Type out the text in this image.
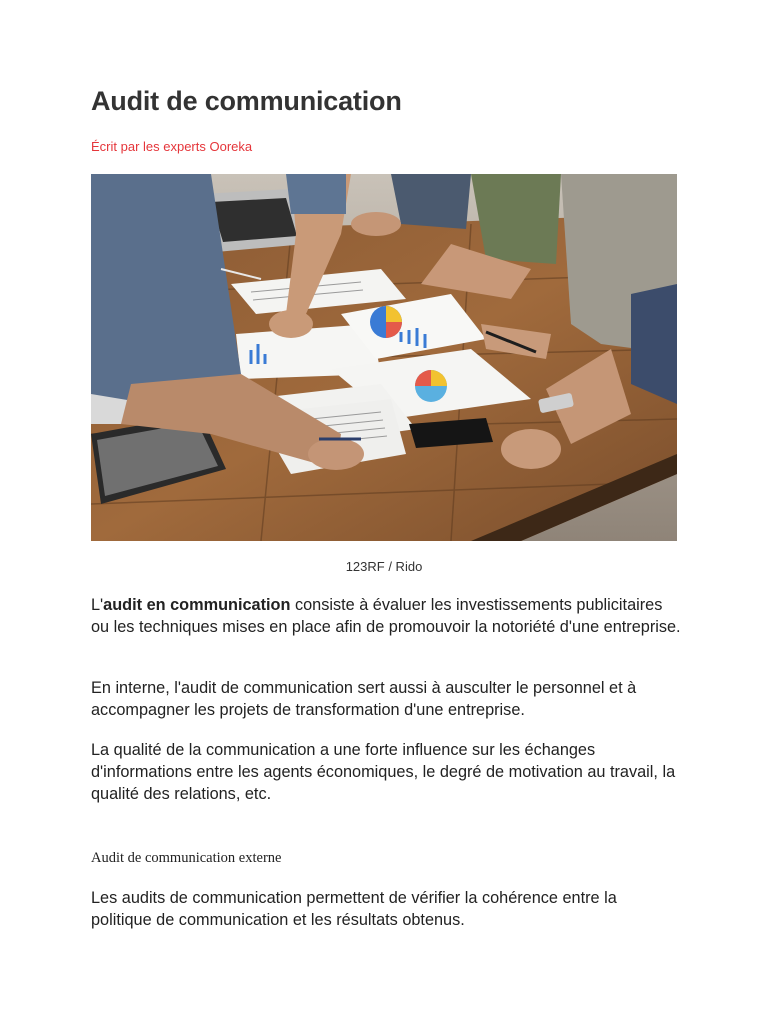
Audit de communication
Écrit par les experts Ooreka
123RF / Rido

L'audit en communication consiste à évaluer les investissements publicitaires ou les techniques mises en place afin de promouvoir la notoriété d'une entreprise.

En interne, l'audit de communication sert aussi à ausculter le personnel et à accompagner les projets de transformation d'une entreprise.

La qualité de la communication a une forte influence sur les échanges d'informations entre les agents économiques, le degré de motivation au travail, la qualité des relations, etc.

Audit de communication externe

Les audits de communication permettent de vérifier la cohérence entre la politique de communication et les résultats obtenus.
